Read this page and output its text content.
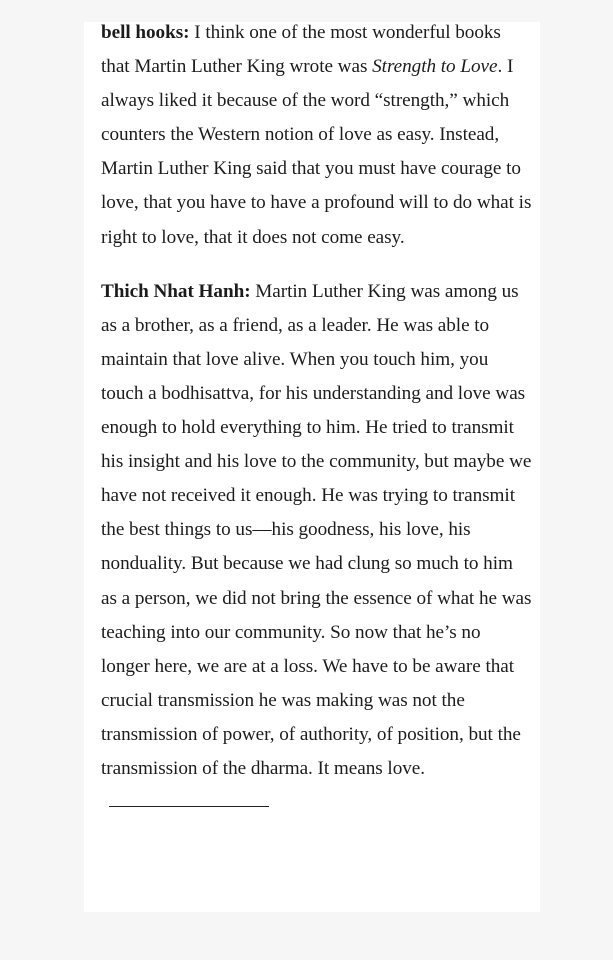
bell hooks: I think one of the most wonderful books that Martin Luther King wrote was Strength to Love. I always liked it because of the word “strength,” which counters the Western notion of love as easy. Instead, Martin Luther King said that you must have courage to love, that you have to have a profound will to do what is right to love, that it does not come easy.

Thich Nhat Hanh: Martin Luther King was among us as a brother, as a friend, as a leader. He was able to maintain that love alive. When you touch him, you touch a bodhisattva, for his understanding and love was enough to hold everything to him. He tried to transmit his insight and his love to the community, but maybe we have not received it enough. He was trying to transmit the best things to us—his goodness, his love, his nonduality. But because we had clung so much to him as a person, we did not bring the essence of what he was teaching into our community. So now that he’s no longer here, we are at a loss. We have to be aware that crucial transmission he was making was not the transmission of power, of authority, of position, but the transmission of the dharma. It means love.
